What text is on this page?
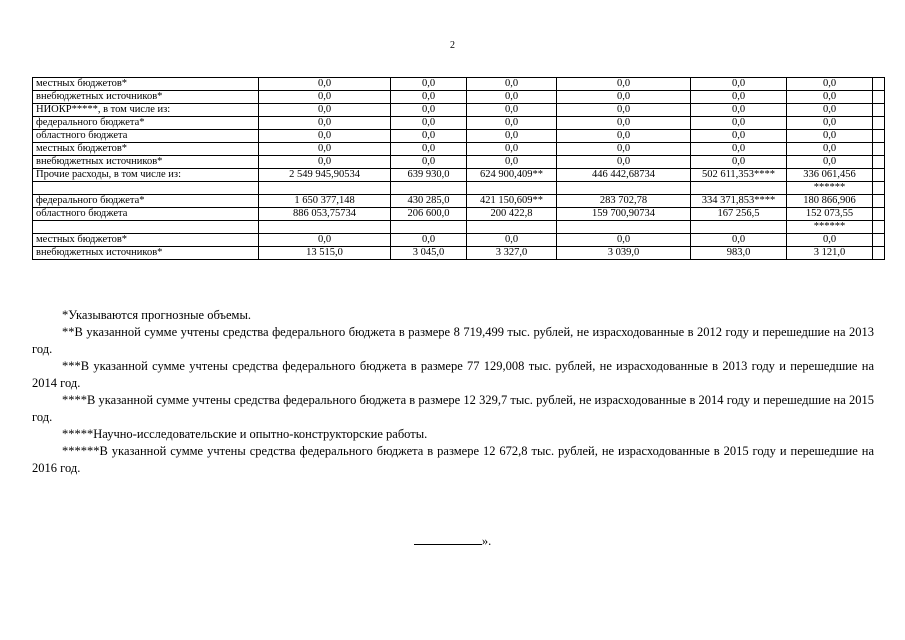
2
местных бюджетов*	0,0	0,0	0,0	0,0	0,0	0,0	
внебюджетных источников*	0,0	0,0	0,0	0,0	0,0	0,0	
НИОКР*****, в том числе из:	0,0	0,0	0,0	0,0	0,0	0,0	
федерального бюджета*	0,0	0,0	0,0	0,0	0,0	0,0	
областного бюджета	0,0	0,0	0,0	0,0	0,0	0,0	
местных бюджетов*	0,0	0,0	0,0	0,0	0,0	0,0	
внебюджетных источников*	0,0	0,0	0,0	0,0	0,0	0,0	
Прочие расходы, в том числе из:	2 549 945,90534	639 930,0	624 900,409**	446 442,68734	502 611,353****	336 061,456	
						******	
федерального бюджета*	1 650 377,148	430 285,0	421 150,609**	283 702,78	334 371,853****	180 866,906	
областного бюджета	886 053,75734	206 600,0	200 422,8	159 700,90734	167 256,5	152 073,55	
						******	
местных бюджетов*	0,0	0,0	0,0	0,0	0,0	0,0	
внебюджетных источников*	13 515,0	3 045,0	3 327,0	3 039,0	983,0	3 121,0	

*Указываются прогнозные объемы.

**В указанной сумме учтены средства федерального бюджета в размере 8 719,499 тыс. рублей, не израсходованные в 2012 году и перешедшие на 2013 год.

***В указанной сумме учтены средства федерального бюджета в размере 77 129,008 тыс. рублей, не израсходованные в 2013 году и перешедшие на 2014 год.

****В указанной сумме учтены средства федерального бюджета в размере 12 329,7 тыс. рублей, не израсходованные в 2014 году и перешедшие на 2015 год.

*****Научно-исследовательские и опытно-конструкторские работы.

******В указанной сумме учтены средства федерального бюджета в размере 12 672,8 тыс. рублей, не израсходованные в 2015 году и перешедшие на 2016 год.

».
